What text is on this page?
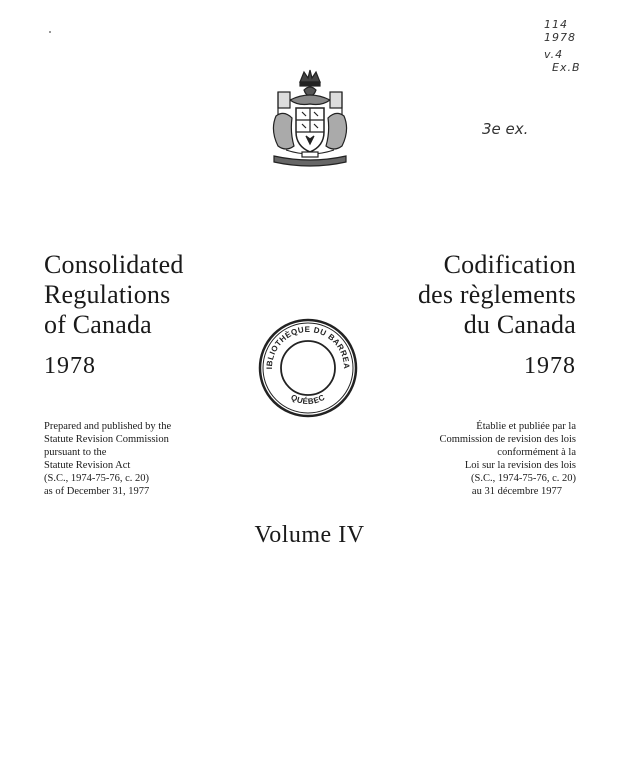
114
1978
v.4
Ex.B
3e ex.
Consolidated
Regulations
of Canada
1978
Codification
des règlements
du Canada
1978
IBLIOTHÈQUE DU BARREA
QUÉBEC
Prepared and published by the
Statute Revision Commission
pursuant to the
Statute Revision Act
(S.C., 1974-75-76, c. 20)
as of December 31, 1977
Établie et publiée par la
Commission de revision des lois
conformément à la
Loi sur la revision des lois
(S.C., 1974-75-76, c. 20)
au 31 décembre 1977
Volume IV
